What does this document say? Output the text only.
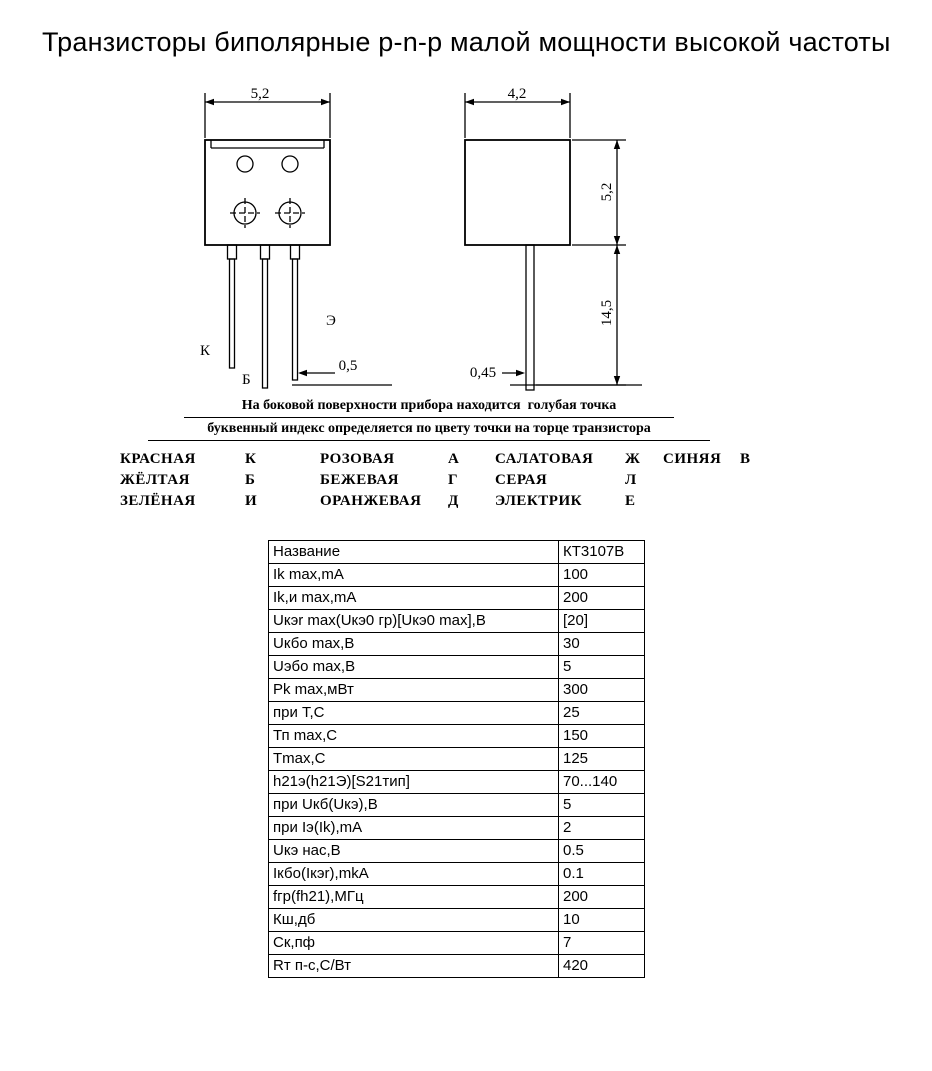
Транзисторы биполярные p-n-p малой мощности высокой частоты
5,2
Э
К
Б
0,5
4,2
5,2
14,5
0,45
На боковой поверхности прибора находится  голубая точка
буквенный индекс определяется по цвету точки на торце транзистора
КРАСНАЯ	К	РОЗОВАЯ	А	САЛАТОВАЯ	Ж	СИНЯЯ	В
ЖЁЛТАЯ	Б	БЕЖЕВАЯ	Г	СЕРАЯ	Л
ЗЕЛЁНАЯ	И	ОРАНЖЕВАЯ	Д	ЭЛЕКТРИК	Е
Название	КТ3107В
Ik max,mA	100
Ik,и max,mA	200
Uкэr max(Uкэ0 гр)[Uкэ0 max],В	[20]
Uкбо max,В	30
Uэбо max,В	5
Pk max,мВт	300
при Т,С	25
Тп max,С	150
Tmax,С	125
h21э(h21Э)[S21тип]	70...140
при Uкб(Uкэ),В	5
при Iэ(Ik),mA	2
Uкэ нас,В	0.5
Iкбо(Iкэr),mkA	0.1
fгр(fh21),МГц	200
Кш,дб	10
Ск,пф	7
Rт п-с,С/Вт	420
